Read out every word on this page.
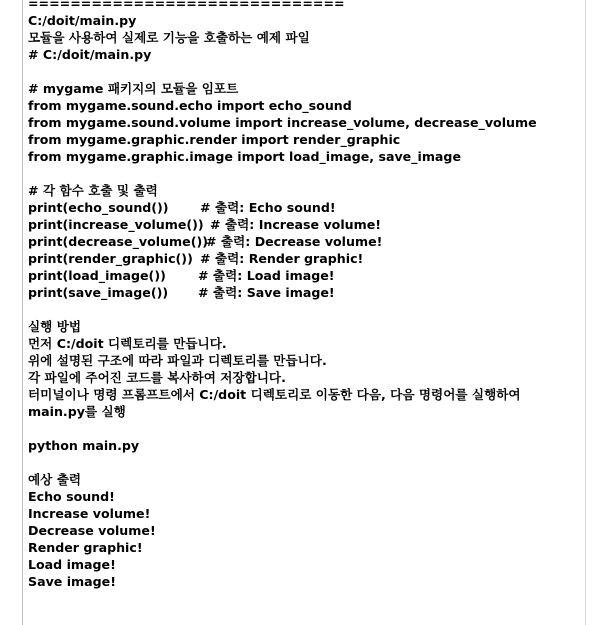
==============================
C:/doit/main.py
모듈을 사용하여 실제로 기능을 호출하는 예제 파일
# C:/doit/main.py
# mygame 패키지의 모듈을 임포트
from mygame.sound.echo import echo_sound
from mygame.sound.volume import increase_volume, decrease_volume
from mygame.graphic.render import render_graphic
from mygame.graphic.image import load_image, save_image
# 각 함수 호출 및 출력
print(echo_sound()) # 출력: Echo sound!
print(increase_volume()) # 출력: Increase volume!
print(decrease_volume())
# 출력: Decrease volume!
print(render_graphic()) # 출력: Render graphic!
print(load_image())	# 출력: Load image!
print(save_image()) # 출력: Save image!
실행 방법
먼저 C:/doit 디렉토리를 만듭니다.
위에 설명된 구조에 따라 파일과 디렉토리를 만듭니다.
각 파일에 주어진 코드를 복사하여 저장합니다.
터미널이나 명령 프롬프트에서 C:/doit 디렉토리로 이동한 다음, 다음 명령어를 실행하여
main.py를 실행
python main.py
예상 출력
Echo sound!
Increase volume!
Decrease volume!
Render graphic!
Load image!
Save image!
